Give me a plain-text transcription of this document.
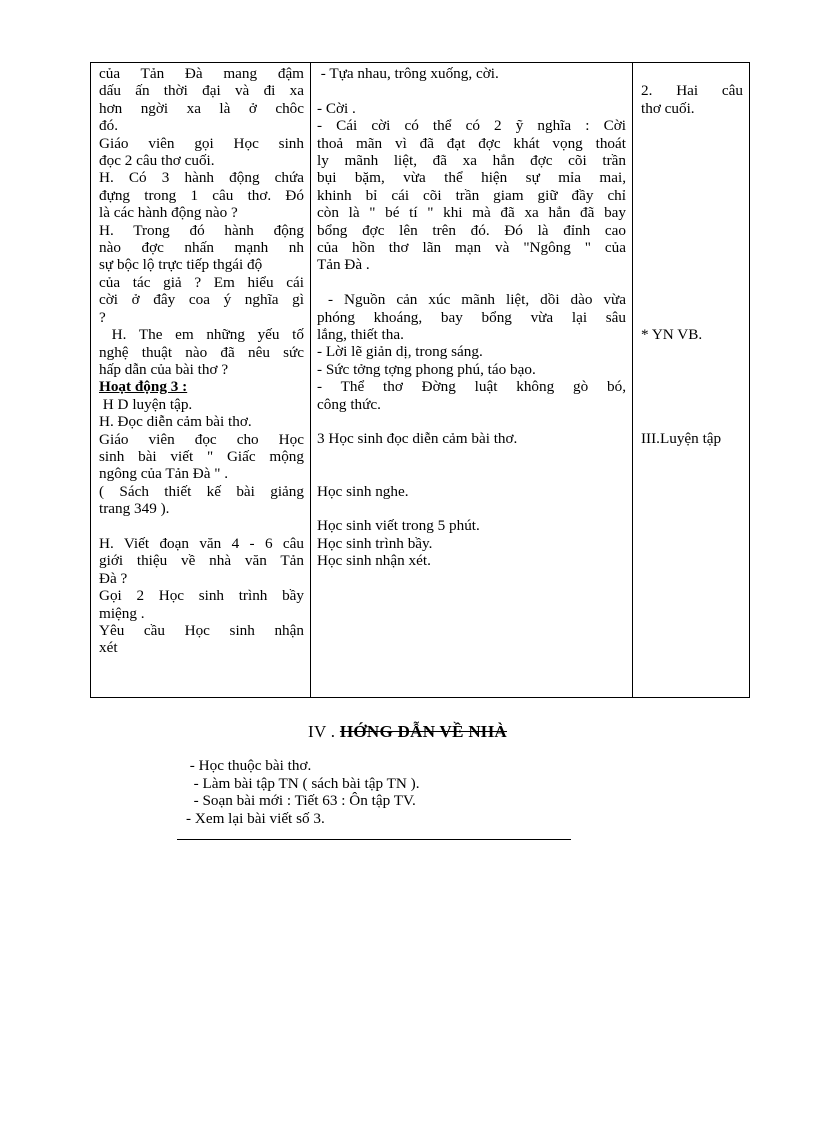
của Tản Đà mang đậm
dấu ấn thời đại và đi xa
hơn ngời xa là ở chôc
đó.
Giáo viên gọi Học sinh
đọc 2 câu thơ cuối.
H. Có 3 hành động chứa
đựng trong 1 câu thơ. Đó
là các hành động nào ?
H. Trong đó hành động
nào đợc nhấn mạnh nh
sự bộc lộ trực tiếp thgái độ
của tác giả ? Em hiểu cái
cời ở đây coa ý nghĩa gì
?
H. The em những yếu tố
nghệ thuật nào đã nêu sức
hấp dẫn của bài thơ ?
Hoạt động 3 :
H D luyện tập.
H. Đọc diễn cảm bài thơ.
Giáo viên đọc cho Học
sinh bài viết " Giấc mộng
ngông của Tản Đà " .
( Sách thiết kế bài giảng
trang 349 ).
H. Viết đoạn văn 4 - 6 câu
giới thiệu về nhà văn Tản
Đà ?
Gọi 2 Học sinh trình bầy
miệng .
Yêu cầu Học sinh nhận
xét
- Tựa nhau, trông xuống, cời.
- Cời .
- Cái cời có thể có 2 ỹ nghĩa : Cời
thoả mãn vì đã đạt đợc khát vọng thoát
ly mãnh liệt, đã xa hẳn đợc cõi trần
bụi bặm, vừa thể hiện sự mỉa mai,
khinh bỉ cái cõi trần giam giữ đầy chỉ
còn là " bé tí " khi mà đã xa hẳn đã bay
bổng đợc lên trên đó. Đó là đỉnh cao
của hồn thơ lãn mạn và "Ngông " của
Tản Đà .
- Nguồn cản xúc mãnh liệt, dồi dào vừa
phóng khoáng, bay bổng vừa lại sâu
lắng, thiết tha.
- Lời lẽ giản dị, trong sáng.
- Sức tởng tợng phong phú, táo bạo.
- Thể thơ Đờng luật không gò bó,
công thức.
3 Học sinh đọc diễn cảm bài thơ.
Học sinh nghe.
Học sinh viết trong 5 phút.
Học sinh trình bầy.
Học sinh nhận xét.
2. Hai câu
thơ cuối.
* YN VB.
III.Luyện tập
IV . HỚNG DẪN VỀ NHÀ
- Học thuộc bài thơ.
- Làm bài tập TN ( sách bài tập TN ).
- Soạn bài mới : Tiết 63 : Ôn tập TV.
- Xem lại bài viết số 3.
